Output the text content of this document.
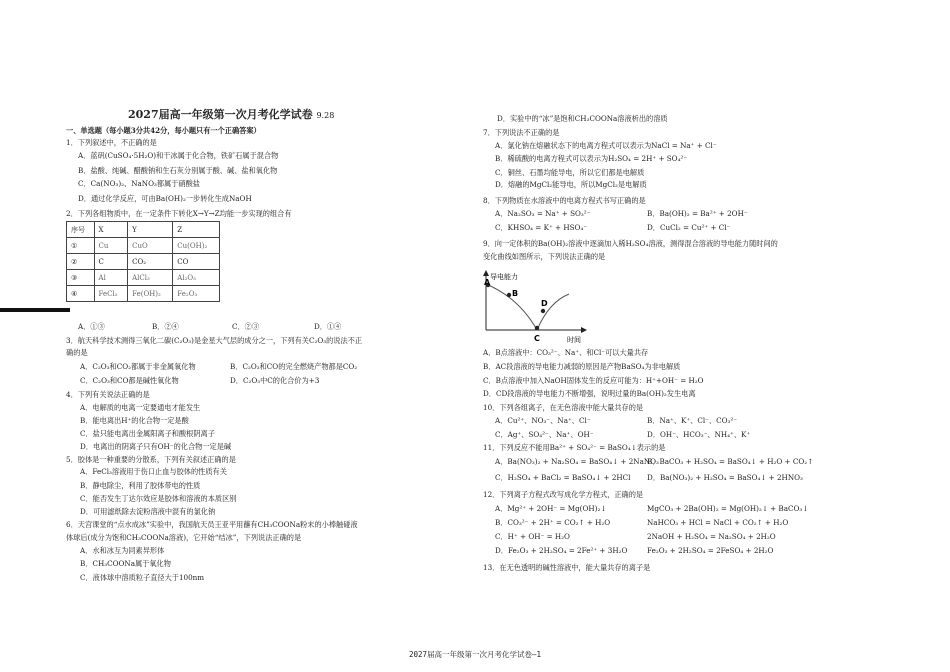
2027届高一年级第一次月考化学试卷 9.28
一、单选题（每小题3分共42分，每小题只有一个正确答案）
1．下列叙述中，不正确的是
A．蓝矾(CuSO₄·5H₂O)和干冰属于化合物，铁矿石属于混合物
B．盐酸、纯碱、醋酸钠和生石灰分别属于酸、碱、盐和氧化物
C．Ca(NO₃)₂、NaNO₃都属于硝酸盐
D．通过化学反应，可由Ba(OH)₂一步转化生成NaOH
2．下列各组物质中，在一定条件下转化X→Y→Z均能一步实现的组合有
序号	X	Y	Z
①	Cu	CuO	Cu(OH)₂
②	C	CO₂	CO
③	Al	AlCl₃	Al₂O₃
④	FeCl₂	Fe(OH)₂	Fe₂O₃
A．①③	B．②④	C．②③	D．①④
3．航天科学技术测得三氧化二碳(C₂O₃)是金星大气层的成分之一，下列有关C₂O₃的说法不正
确的是
A．C₂O₃和CO₂都属于非金属氧化物	B．C₂O₃和CO的完全燃烧产物都是CO₂
C．C₂O₃和CO都是碱性氧化物	D．C₂O₃中C的化合价为+3
4．下列有关说法正确的是
A．电解质的电离一定要通电才能发生
B．能电离出H⁺的化合物一定是酸
C．盐只能电离出金属阳离子和酸根阴离子
D．电离出的阴离子只有OH⁻的化合物一定是碱
5．胶体是一种重要的分散系，下列有关叙述正确的是
A．FeCl₃溶液用于伤口止血与胶体的性质有关
B．静电除尘，利用了胶体带电的性质
C．能否发生丁达尔效应是胶体和溶液的本质区别
D．可用滤纸除去淀粉溶液中混有的氯化钠
6．天宫课堂的“点水成冰”实验中，我国航天员王亚平用蘸有CH₃COONa粉末的小棒触碰液
体球后(成分为饱和CH₃COONa溶液)，它开始“结冰”，下列说法正确的是
A．水和冰互为同素异形体
B．CH₃COONa属于氧化物
C．液体球中溶质粒子直径大于100nm
D．实验中的“冰”是饱和CH₃COONa溶液析出的溶质
7．下列说法不正确的是
A．氯化钠在熔融状态下的电离方程式可以表示为NaCl = Na⁺ + Cl⁻
B．稀硫酸的电离方程式可以表示为H₂SO₄ = 2H⁺ + SO₄²⁻
C．铜丝、石墨均能导电，所以它们都是电解质
D．熔融的MgCl₂能导电，所以MgCl₂是电解质
8．下列物质在水溶液中的电离方程式书写正确的是
A．Na₂SO₃ = Na⁺ + SO₃²⁻	B．Ba(OH)₂ = Ba²⁺ + 2OH⁻
C．KHSO₄ = K⁺ + HSO₄⁻	D．CuCl₂ = Cu²⁺ + Cl⁻
9．向一定体积的Ba(OH)₂溶液中逐滴加入稀H₂SO₄溶液，测得混合溶液的导电能力随时间的
变化曲线如图所示，下列说法正确的是
导电能力
时间
A
B
C
D
A．B点溶液中：CO₃²⁻、Na⁺、和Cl⁻可以大量共存
B．AC段溶液的导电能力减弱的原因是产物BaSO₄为非电解质
C．B点溶液中加入NaOH固体发生的反应可能为：H⁺+OH⁻ = H₂O
D．CD段溶液的导电能力不断增强，说明过量的Ba(OH)₂发生电离
10．下列各组离子，在无色溶液中能大量共存的是
A．Cu²⁺、NO₃⁻、Na⁺、Cl⁻	B．Na⁺、K⁺、Cl⁻、CO₃²⁻
C．Ag⁺、SO₄²⁻、Na⁺、OH⁻	D．OH⁻、HCO₃⁻、NH₄⁺、K⁺
11．下列反应不能用Ba²⁺ + SO₄²⁻ = BaSO₄↓表示的是
A．Ba(NO₃)₂ + Na₂SO₄ = BaSO₄↓ + 2NaNO₃
B．BaCO₃ + H₂SO₄ = BaSO₄↓ + H₂O + CO₂↑
C．H₂SO₄ + BaCl₂ = BaSO₄↓ + 2HCl D．Ba(NO₃)₂ + H₂SO₄ = BaSO₄↓ + 2HNO₃
12．下列离子方程式改写成化学方程式，正确的是
A．Mg²⁺ + 2OH⁻ = Mg(OH)₂↓	MgCO₃ + 2Ba(OH)₂ = Mg(OH)₂↓ + BaCO₃↓
B．CO₃²⁻ + 2H⁺ = CO₂↑ + H₂O	NaHCO₃ + HCl = NaCl + CO₂↑ + H₂O
C．H⁺ + OH⁻ = H₂O	2NaOH + H₂SO₄ = Na₂SO₄ + 2H₂O
D．Fe₂O₃ + 2H₂SO₄ = 2Fe²⁺ + 3H₂O	Fe₂O₃ + 2H₂SO₄ = 2FeSO₄ + 2H₂O
13．在无色透明的碱性溶液中，能大量共存的离子是
2027届高一年级第一次月考化学试卷—1
